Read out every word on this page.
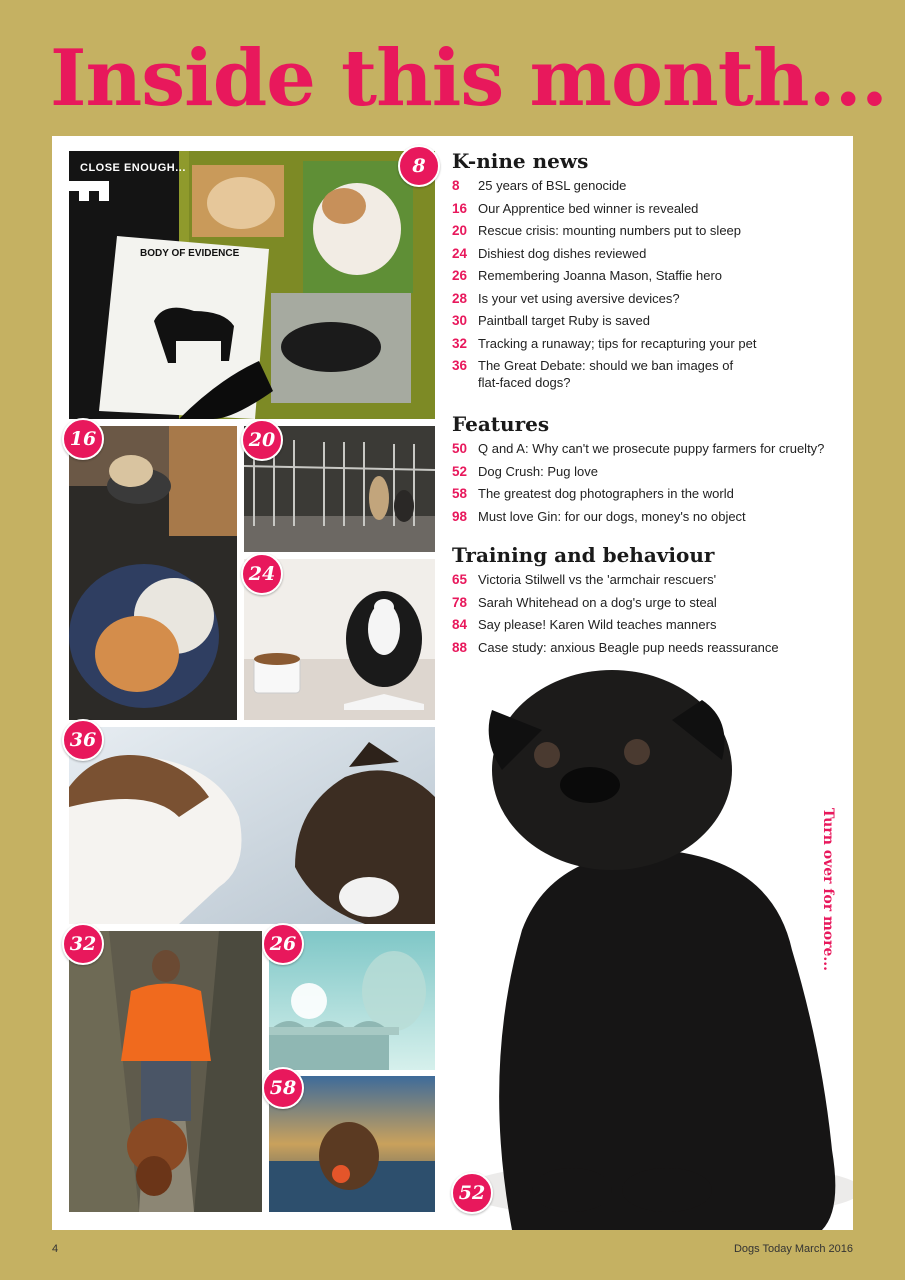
Inside this month...
CLOSE ENOUGH...
BODY OF EVIDENCE
8
16	20
24
36
32	26
58
52
K-nine news
8	25 years of BSL genocide
16 Our Apprentice bed winner is revealed
20 Rescue crisis: mounting numbers put to sleep
24 Dishiest dog dishes reviewed
26 Remembering Joanna Mason, Staffie hero
28 Is your vet using aversive devices?
30 Paintball target Ruby is saved
32 Tracking a runaway; tips for recapturing your pet
36 The Great Debate: should we ban images of flat-faced dogs?
Features
50 Q and A: Why can't we prosecute puppy farmers for cruelty?
52 Dog Crush: Pug love
58 The greatest dog photographers in the world
98 Must love Gin: for our dogs, money's no object
Training and behaviour
65 Victoria Stilwell vs the 'armchair rescuers'
78 Sarah Whitehead on a dog's urge to steal
84 Say please! Karen Wild teaches manners
88 Case study: anxious Beagle pup needs reassurance
Turn over for more...
4	Dogs Today March 2016
